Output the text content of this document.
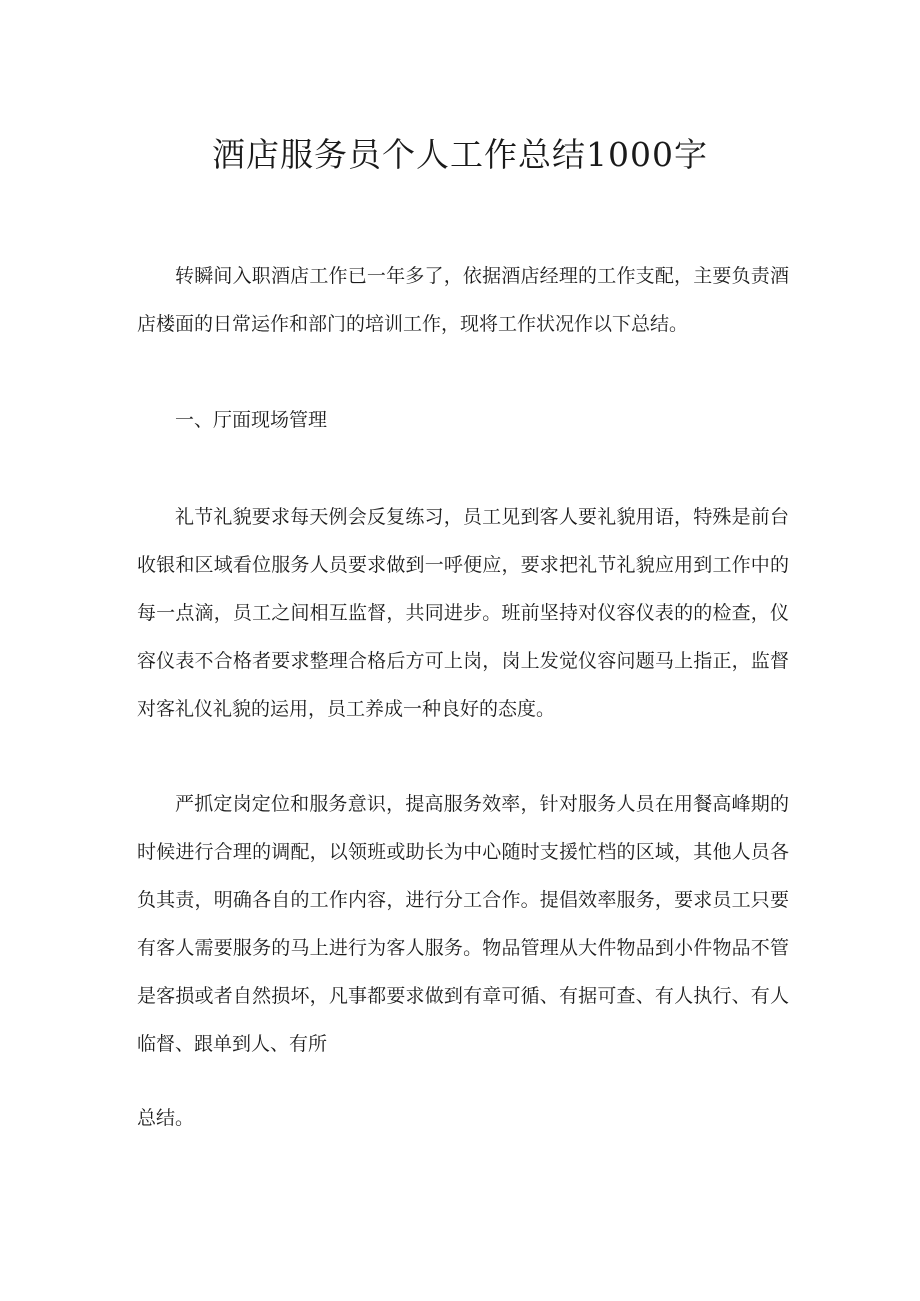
酒店服务员个人工作总结1000字

转瞬间入职酒店工作已一年多了，依据酒店经理的工作支配，主要负责酒店楼面的日常运作和部门的培训工作，现将工作状况作以下总结。

一、厅面现场管理

礼节礼貌要求每天例会反复练习，员工见到客人要礼貌用语，特殊是前台收银和区域看位服务人员要求做到一呼便应，要求把礼节礼貌应用到工作中的每一点滴，员工之间相互监督，共同进步。班前坚持对仪容仪表的的检查，仪容仪表不合格者要求整理合格后方可上岗，岗上发觉仪容问题马上指正，监督对客礼仪礼貌的运用，员工养成一种良好的态度。

严抓定岗定位和服务意识，提高服务效率，针对服务人员在用餐高峰期的时候进行合理的调配，以领班或助长为中心随时支援忙档的区域，其他人员各负其责，明确各自的工作内容，进行分工合作。提倡效率服务，要求员工只要有客人需要服务的马上进行为客人服务。物品管理从大件物品到小件物品不管是客损或者自然损坏，凡事都要求做到有章可循、有据可查、有人执行、有人临督、跟单到人、有所

总结。
